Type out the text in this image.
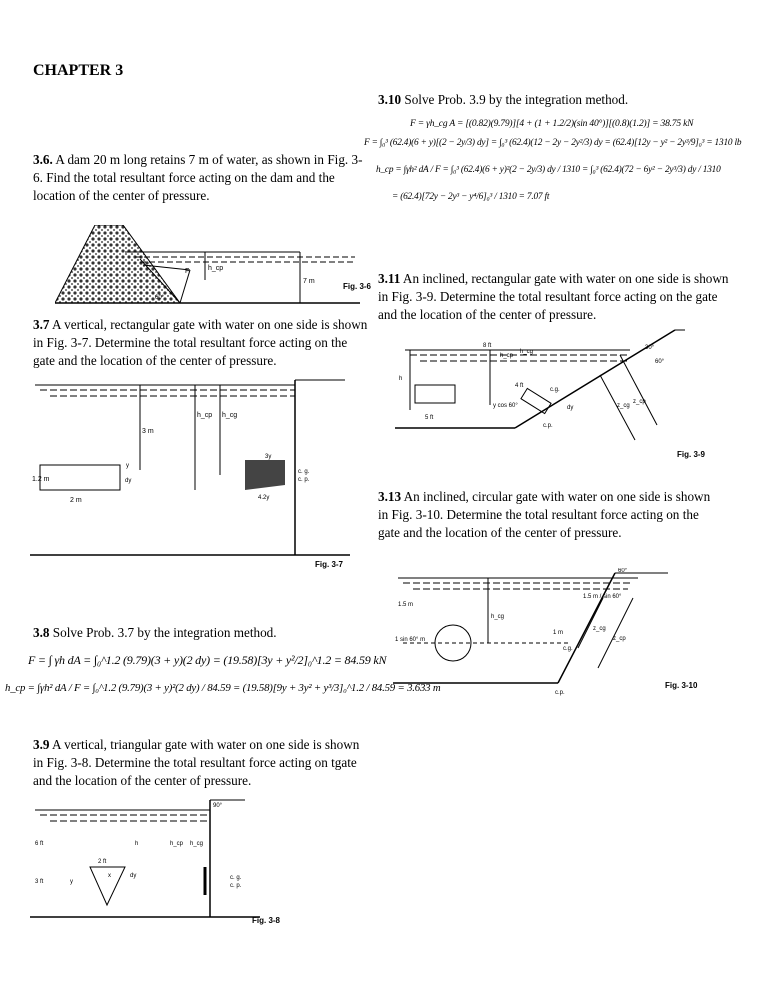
CHAPTER 3
3.6. A dam 20 m long retains 7 m of water, as shown in Fig. 3-6. Find the total resultant force acting on the dam and the location of the center of pressure.
F	h_cp
7 m
60°
Fig. 3-6
3.7 A vertical, rectangular gate with water on one side is shown in Fig. 3-7. Determine the total resultant force acting on the gate and the location of the center of pressure.
3 m
1.2 m
2 m
dy
y
h_cp h_cg
3y
4.2y
c. g.
c. p.
Fig. 3-7
3.8 Solve Prob. 3.7 by the integration method.
F = ∫ γh dA = ∫₀^1.2 (9.79)(3 + y)(2 dy) = (19.58)[3y + y²/2]₀^1.2 = 84.59 kN
h_cp = ∫γh² dA / F = ∫₀^1.2 (9.79)(3 + y)²(2 dy) / 84.59 = (19.58)[9y + 3y² + y³/3]₀^1.2 / 84.59 = 3.633 m
3.9 A vertical, triangular gate with water on one side is shown in Fig. 3-8. Determine the total resultant force acting on tgate and the location of the center of pressure.
6 ft
3 ft
2 ft
x
y
dy
h	h_cp h_cg
90°
c. g.
c. p.
Fig. 3-8
3.10 Solve Prob. 3.9 by the integration method.
F = γh_cg A = [(0.82)(9.79)][4 + (1 + 1.2/2)(sin 40°)][(0.8)(1.2)] = 38.75 kN
F = ∫₀³ (62.4)(6 + y)[(2 − 2y/3) dy] = ∫₀³ (62.4)(12 − 2y − 2y²/3) dy = (62.4)[12y − y² − 2y³/9]₀³ = 1310 lb
h_cp = ∫γh² dA / F = ∫₀³ (62.4)(6 + y)²(2 − 2y/3) dy / 1310 = ∫₀³ (62.4)(72 − 6y² − 2y³/3) dy / 1310
= (62.4)[72y − 2y³ − y⁴/6]₀³ / 1310 = 7.07 ft
3.11 An inclined, rectangular gate with water on one side is shown in Fig. 3-9. Determine the total resultant force acting on the gate and the location of the center of pressure.
8 ft
h
h_cp
h_cg
4 ft
5 ft
y cos 60°
c.g.
c.p.
30°
60°
z_cg
z_cp
dy
Fig. 3-9
3.13 An inclined, circular gate with water on one side is shown in Fig. 3-10. Determine the total resultant force acting on the gate and the location of the center of pressure.
1.5 m
h_cg
1 sin 60° m
1.5 m / sin 60°
1 m
c.g.
c.p.
z_cg
z_cp
60°
Fig. 3-10
